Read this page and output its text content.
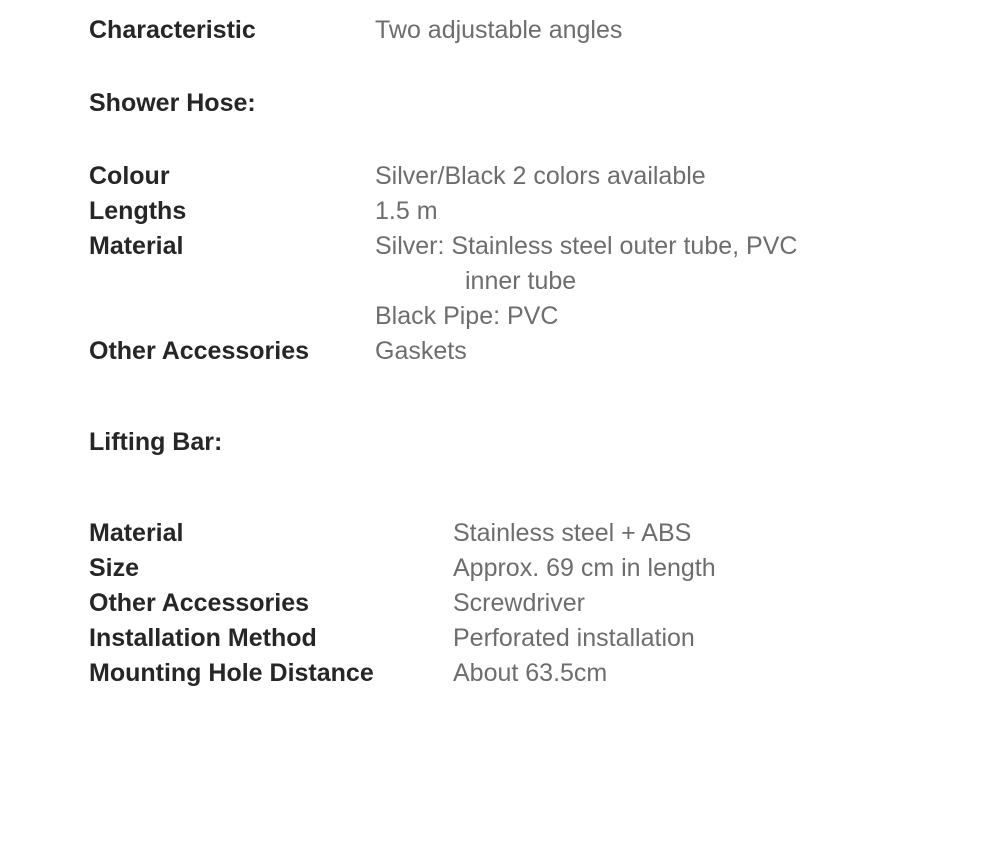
Characteristic	Two adjustable angles
Shower Hose:
Colour	Silver/Black 2 colors available
Lengths	1.5 m
Material	Silver: Stainless steel outer tube, PVC
inner tube
Black Pipe: PVC
Other Accessories	Gaskets
Lifting Bar:
Material	Stainless steel + ABS
Size	Approx. 69 cm in length
Other Accessories	Screwdriver
Installation Method	Perforated installation
Mounting Hole Distance	About 63.5cm
